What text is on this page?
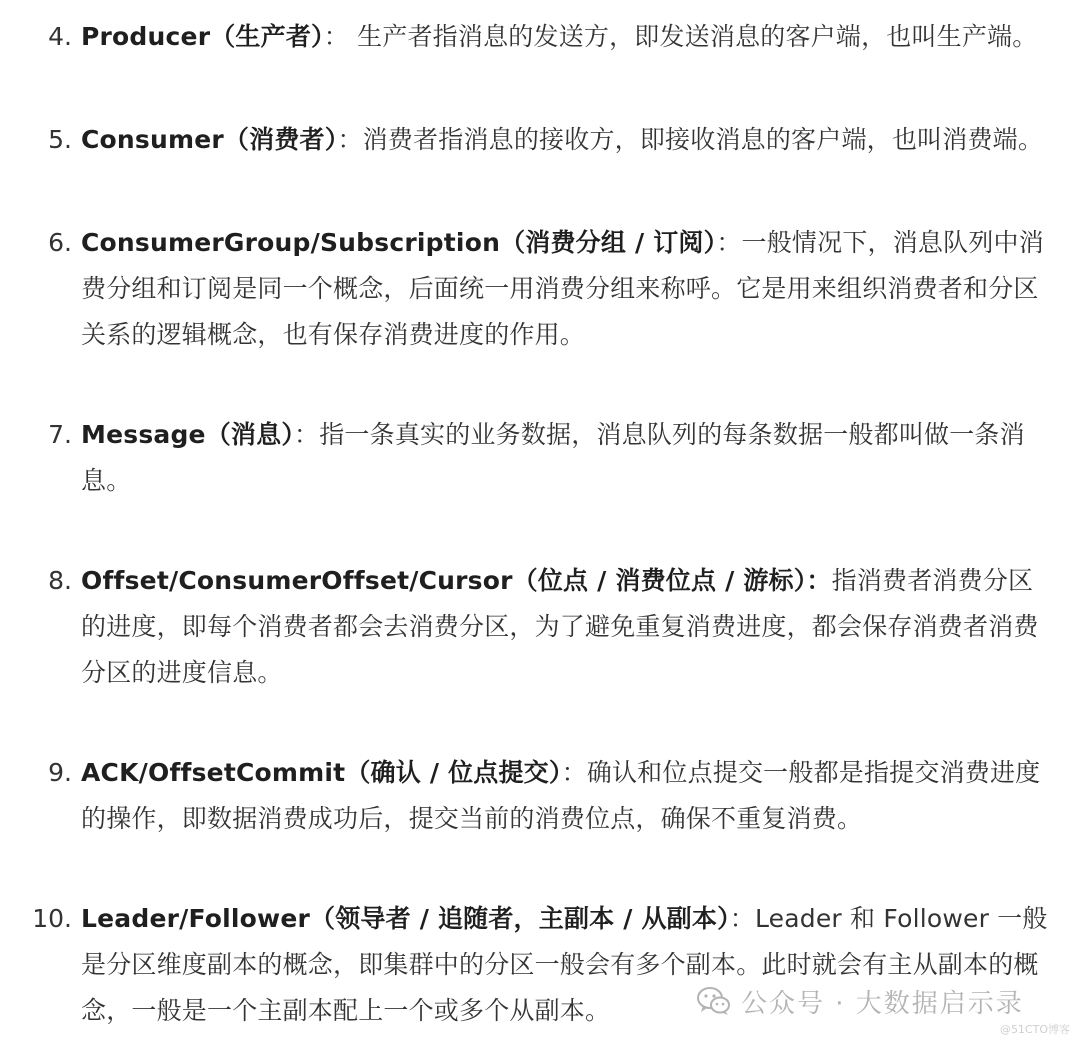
4. Producer（生产者）： 生产者指消息的发送方，即发送消息的客户端，也叫生产端。
5. Consumer（消费者）：消费者指消息的接收方，即接收消息的客户端，也叫消费端。
6. ConsumerGroup/Subscription（消费分组 / 订阅）：一般情况下，消息队列中消费分组和订阅是同一个概念，后面统一用消费分组来称呼。它是用来组织消费者和分区关系的逻辑概念，也有保存消费进度的作用。
7. Message（消息）：指一条真实的业务数据，消息队列的每条数据一般都叫做一条消息。
8. Offset/ConsumerOffset/Cursor（位点 / 消费位点 / 游标）：指消费者消费分区的进度，即每个消费者都会去消费分区，为了避免重复消费进度，都会保存消费者消费分区的进度信息。
9. ACK/OffsetCommit（确认 / 位点提交）：确认和位点提交一般都是指提交消费进度的操作，即数据消费成功后，提交当前的消费位点，确保不重复消费。
10. Leader/Follower（领导者 / 追随者，主副本 / 从副本）：Leader 和 Follower 一般是分区维度副本的概念，即集群中的分区一般会有多个副本。此时就会有主从副本的概念，一般是一个主副本配上一个或多个从副本。	公众号 · 大数据启示录
@51CTO博客
